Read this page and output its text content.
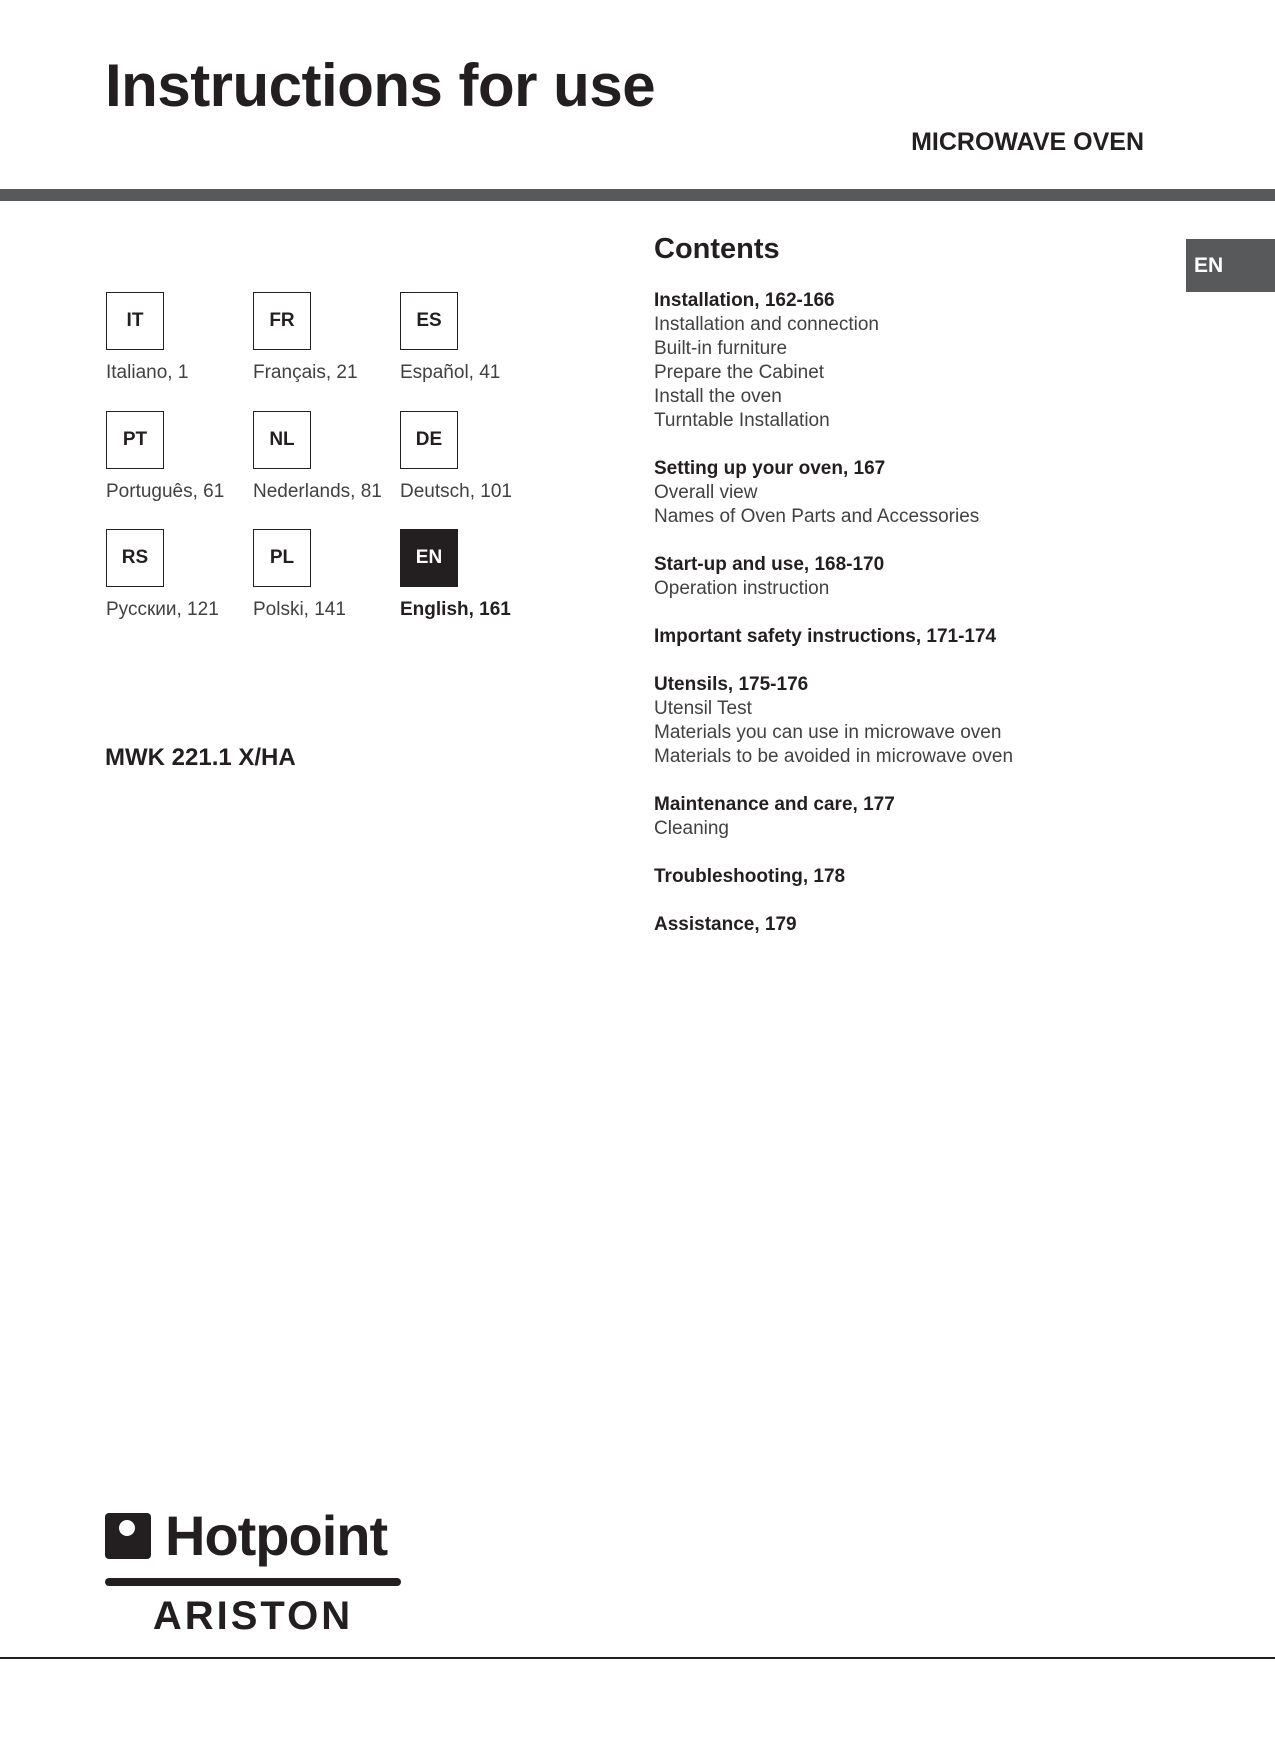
Instructions for use
MICROWAVE OVEN
EN
IT
Italiano, 1
FR
Français, 21
ES
Español, 41
PT
Português, 61
NL
Nederlands, 81
DE
Deutsch, 101
RS
Русскии, 121
PL
Polski, 141
EN
English, 161
MWK 221.1 X/HA
Contents
Installation, 162-166
Installation and connection
Built-in furniture
Prepare the Cabinet
Install the oven
Turntable Installation
Setting up your oven, 167
Overall view
Names of Oven Parts and Accessories
Start-up and use, 168-170
Operation instruction
Important safety instructions, 171-174
Utensils, 175-176
Utensil Test
Materials you can use in microwave oven
Materials to be avoided in microwave oven
Maintenance and care, 177
Cleaning
Troubleshooting, 178
Assistance, 179
Hotpoint
ARISTON
